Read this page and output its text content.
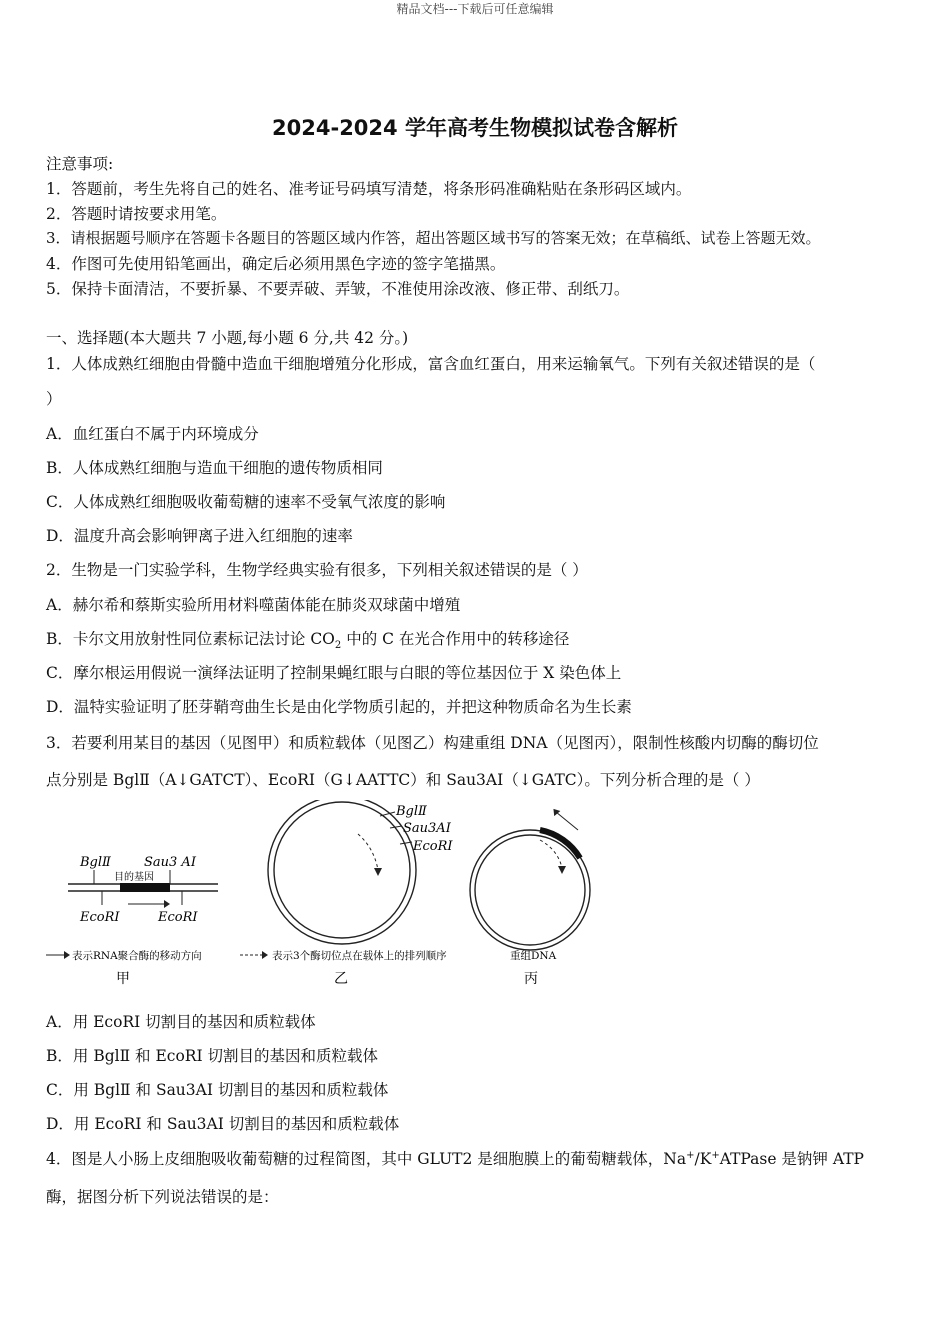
精品文档---下载后可任意编辑
2024-2024 学年高考生物模拟试卷含解析
注意事项:
1．答题前，考生先将自己的姓名、准考证号码填写清楚，将条形码准确粘贴在条形码区域内。
2．答题时请按要求用笔。
3．请根据题号顺序在答题卡各题目的答题区域内作答，超出答题区域书写的答案无效；在草稿纸、试卷上答题无效。
4．作图可先使用铅笔画出，确定后必须用黑色字迹的签字笔描黑。
5．保持卡面清洁，不要折暴、不要弄破、弄皱，不准使用涂改液、修正带、刮纸刀。
一、选择题(本大题共 7 小题,每小题 6 分,共 42 分。)
1．人体成熟红细胞由骨髓中造血干细胞增殖分化形成，富含血红蛋白，用来运输氧气。下列有关叙述错误的是（
）
A．血红蛋白不属于内环境成分
B．人体成熟红细胞与造血干细胞的遗传物质相同
C．人体成熟红细胞吸收葡萄糖的速率不受氧气浓度的影响
D．温度升高会影响钾离子进入红细胞的速率
2．生物是一门实验学科，生物学经典实验有很多，下列相关叙述错误的是（ ）
A．赫尔希和蔡斯实验所用材料噬菌体能在肺炎双球菌中增殖
B．卡尔文用放射性同位素标记法讨论 $CO_2$ 中的 C 在光合作用中的转移途径
C．摩尔根运用假说一演绎法证明了控制果蝇红眼与白眼的等位基因位于 X 染色体上
D．温特实验证明了胚芽鞘弯曲生长是由化学物质引起的，并把这种物质命名为生长素
3．若要利用某目的基因（见图甲）和质粒载体（见图乙）构建重组 DNA（见图丙），限制性核酸内切酶的酶切位
点分别是 BglⅡ（A↓GATCT）、EcoRⅠ（G↓AATTC）和 Sau3AⅠ（↓GATC）。下列分析合理的是（ ）
BglⅡ	Sau3 AI
目的基因
EcoRI	EcoRI
BglⅡ
Sau3AI
EcoRI
表示RNA聚合酶的移动方向	表示3个酶切位点在载体上的排列顺序	重组DNA
甲	乙	丙
A．用 EcoRⅠ 切割目的基因和质粒载体
B．用 BglⅡ 和 EcoRⅠ 切割目的基因和质粒载体
C．用 BglⅡ 和 Sau3AⅠ 切割目的基因和质粒载体
D．用 EcoRⅠ 和 Sau3AⅠ 切割目的基因和质粒载体
4．图是人小肠上皮细胞吸收葡萄糖的过程简图，其中 GLUT2 是细胞膜上的葡萄糖载体，Na+/K+ATPase 是钠钾 ATP
酶，据图分析下列说法错误的是：
